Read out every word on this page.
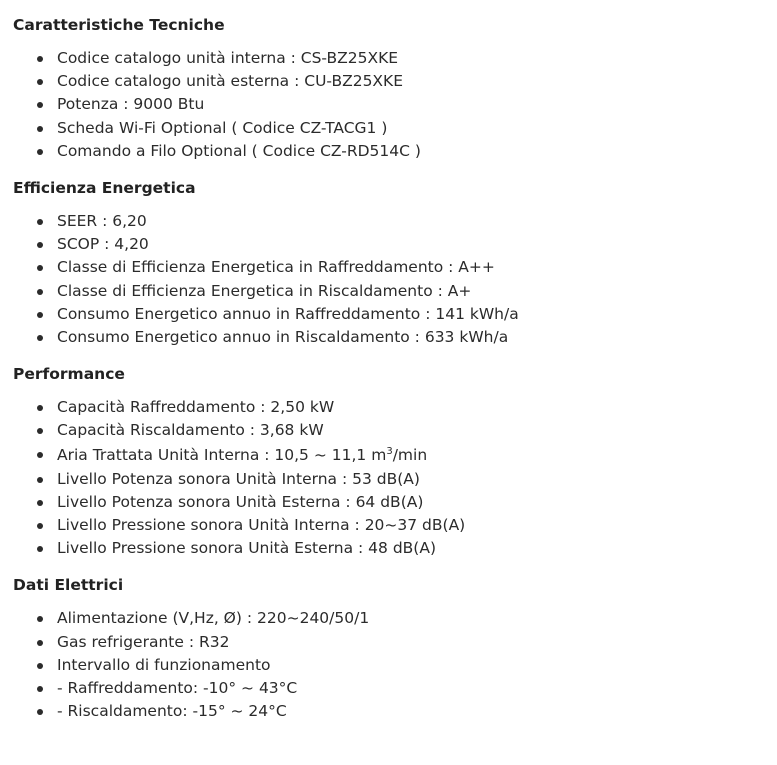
Caratteristiche Tecniche
Codice catalogo unità interna : CS-BZ25XKE
Codice catalogo unità esterna : CU-BZ25XKE
Potenza : 9000 Btu
Scheda Wi-Fi Optional ( Codice CZ-TACG1 )
Comando a Filo Optional ( Codice CZ-RD514C )
Efficienza Energetica
SEER : 6,20
SCOP : 4,20
Classe di Efficienza Energetica in Raffreddamento : A++
Classe di Efficienza Energetica in Riscaldamento : A+
Consumo Energetico annuo in Raffreddamento : 141 kWh/a
Consumo Energetico annuo in Riscaldamento : 633 kWh/a
Performance
Capacità Raffreddamento : 2,50 kW
Capacità Riscaldamento : 3,68 kW
Aria Trattata Unità Interna : 10,5 ~ 11,1 $m^3/\min$
Livello Potenza sonora Unità Interna : 53 dB(A)
Livello Potenza sonora Unità Esterna : 64 dB(A)
Livello Pressione sonora Unità Interna : 20~37 dB(A)
Livello Pressione sonora Unità Esterna : 48 dB(A)
Dati Elettrici
Alimentazione (V,Hz, Ø) : 220~240/50/1
Gas refrigerante : R32
Intervallo di funzionamento
- Raffreddamento: -10° ~ 43°C
- Riscaldamento: -15° ~ 24°C
